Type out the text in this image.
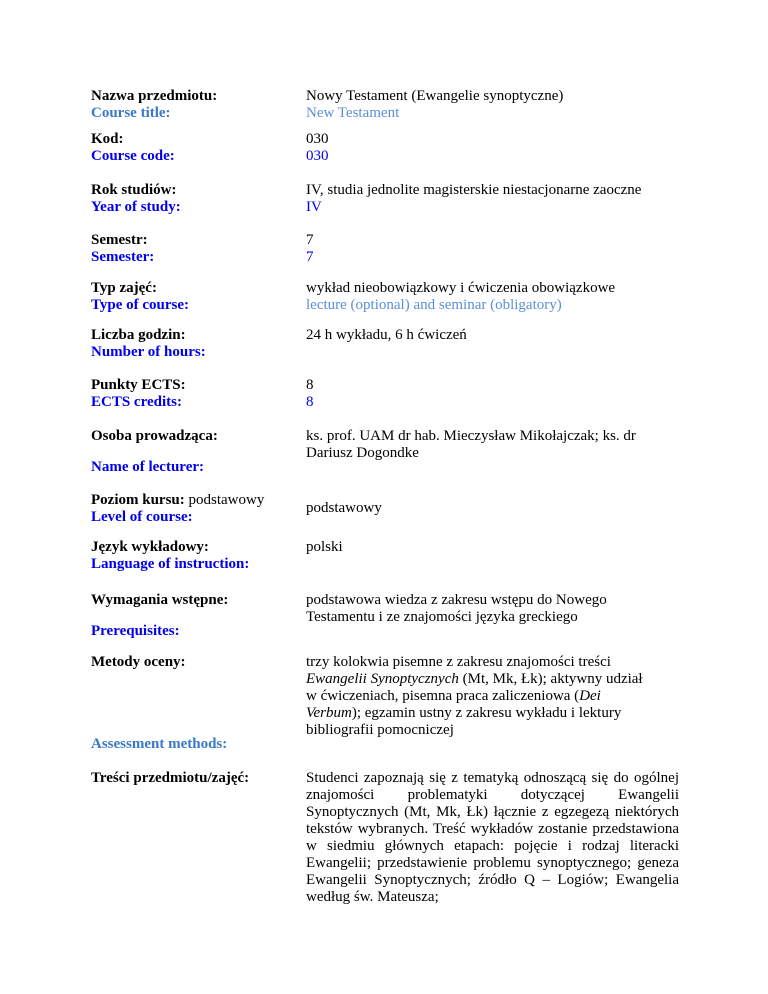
Nazwa przedmiotu:
Course title:
Nowy Testament (Ewangelie synoptyczne)
New Testament
Kod:
Course code:
030
030
Rok studiów:
Year of study:
IV, studia jednolite magisterskie niestacjonarne zaoczne
IV
Semestr:
Semester:
7
7
Typ zajęć:
Type of course:
wykład nieobowiązkowy i ćwiczenia obowiązkowe
lecture (optional) and seminar (obligatory)
Liczba godzin:
Number of hours:
24 h wykładu, 6 h ćwiczeń
Punkty ECTS:
ECTS credits:
8
8
Osoba prowadząca:
Name of lecturer:
ks. prof. UAM dr hab. Mieczysław Mikołajczak; ks. dr Dariusz Dogondke
Poziom kursu: podstawowy
Level of course:
podstawowy
Język wykładowy:
Language of instruction:
polski
Wymagania wstępne:
Prerequisites:
podstawowa wiedza z zakresu wstępu do Nowego Testamentu i ze znajomości języka greckiego
Metody oceny:
Assessment methods:
trzy kolokwia pisemne z zakresu znajomości treści
Ewangelii Synoptycznych (Mt, Mk, Łk); aktywny udział
w ćwiczeniach, pisemna praca zaliczeniowa (Dei
Verbum); egzamin ustny z zakresu wykładu i lektury
bibliografii pomocniczej
Treści przedmiotu/zajęć:	Studenci zapoznają się z tematyką odnoszącą się do ogólnej znajomości problematyki dotyczącej Ewangelii Synoptycznych (Mt, Mk, Łk) łącznie z egzegezą niektórych tekstów wybranych. Treść wykładów zostanie przedstawiona w siedmiu głównych etapach: pojęcie i rodzaj literacki Ewangelii; przedstawienie problemu synoptycznego; geneza Ewangelii Synoptycznych; źródło Q – Logiów; Ewangelia według św. Mateusza;
